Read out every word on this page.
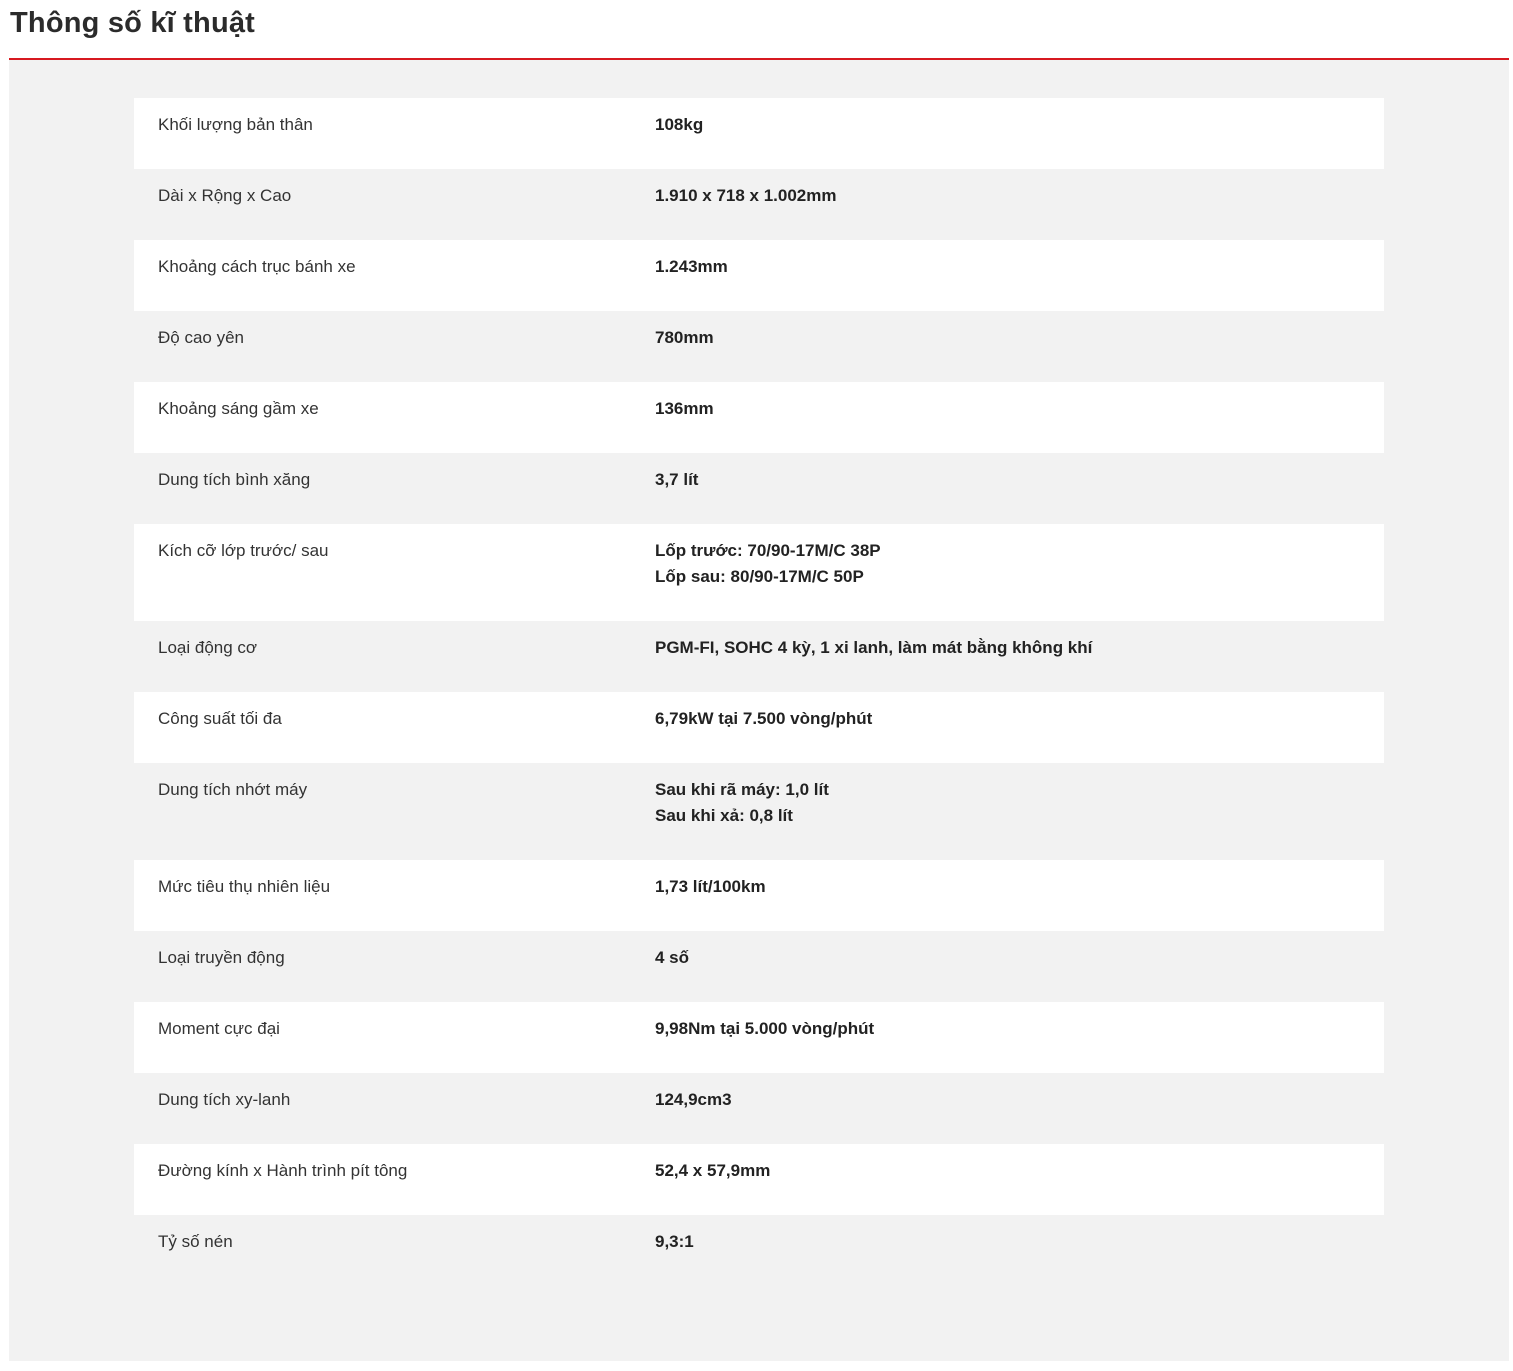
Thông số kĩ thuật
Khối lượng bản thân	108kg
Dài x Rộng x Cao	1.910 x 718 x 1.002mm
Khoảng cách trục bánh xe	1.243mm
Độ cao yên	780mm
Khoảng sáng gầm xe	136mm
Dung tích bình xăng	3,7 lít
Kích cỡ lớp trước/ sau	Lốp trước: 70/90-17M/C 38P
Lốp sau: 80/90-17M/C 50P
Loại động cơ	PGM-FI, SOHC 4 kỳ, 1 xi lanh, làm mát bằng không khí
Công suất tối đa	6,79kW tại 7.500 vòng/phút
Dung tích nhớt máy	Sau khi rã máy: 1,0 lít
Sau khi xả: 0,8 lít
Mức tiêu thụ nhiên liệu	1,73 lít/100km
Loại truyền động	4 số
Moment cực đại	9,98Nm tại 5.000 vòng/phút
Dung tích xy-lanh	124,9cm3
Đường kính x Hành trình pít tông	52,4 x 57,9mm
Tỷ số nén	9,3:1
